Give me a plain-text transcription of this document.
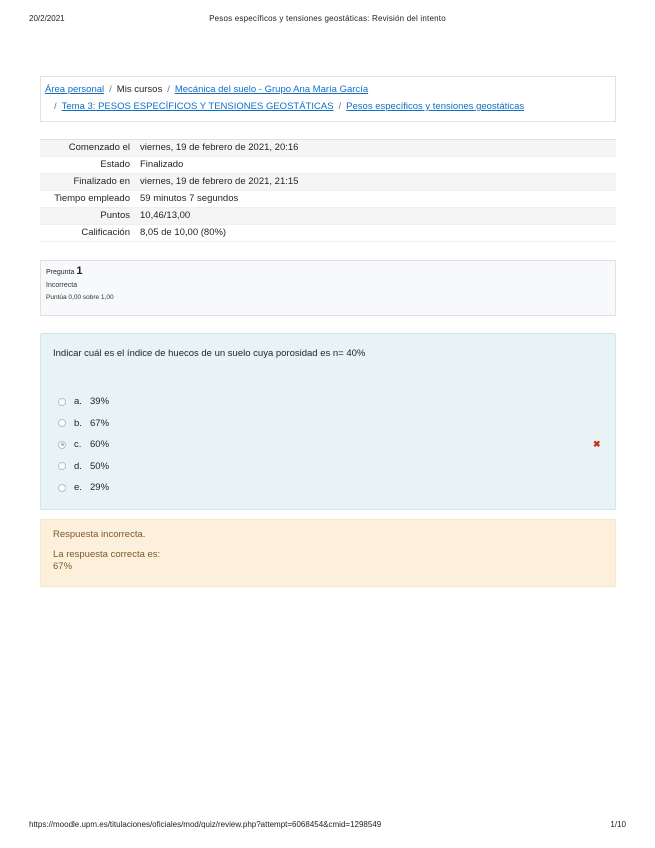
20/2/2021	Pesos específicos y tensiones geostáticas: Revisión del intento
Área personal / Mis cursos / Mecánica del suelo - Grupo Ana María García
/ Tema 3: PESOS ESPECÍFICOS Y TENSIONES GEOSTÁTICAS / Pesos específicos y tensiones geostáticas
Comenzado el	viernes, 19 de febrero de 2021, 20:16
Estado	Finalizado
Finalizado en	viernes, 19 de febrero de 2021, 21:15
Tiempo empleado	59 minutos 7 segundos
Puntos	10,46/13,00
Calificación	8,05 de 10,00 (80%)
Pregunta 1
Incorrecta
Puntúa 0,00 sobre 1,00
Indicar cuál es el índice de huecos de un suelo cuya porosidad es n= 40%
a. 39%
b. 67%
c. 60%	✖
d. 50%
e. 29%
Respuesta incorrecta.
La respuesta correcta es:
67%
https://moodle.upm.es/titulaciones/oficiales/mod/quiz/review.php?attempt=6068454&cmid=1298549	1/10
